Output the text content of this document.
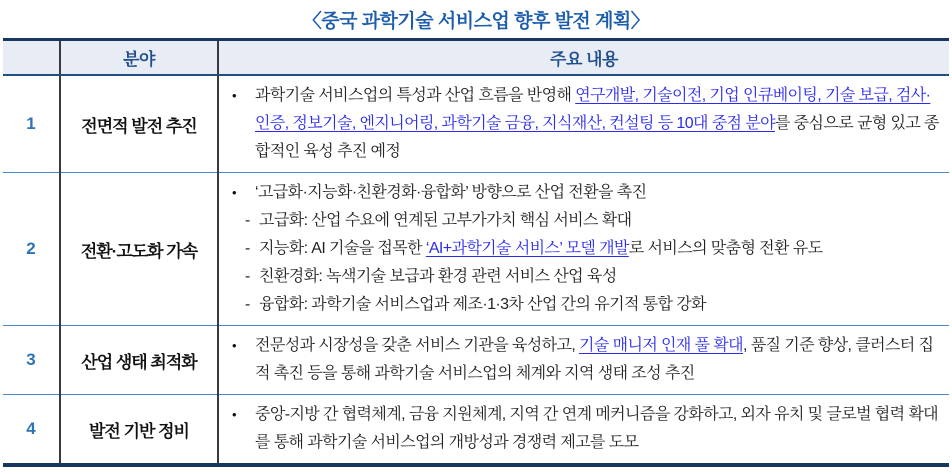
〈중국 과학기술 서비스업 향후 발전 계획〉
	분야	주요 내용
1	전면적 발전 추진	• 과학기술 서비스업의 특성과 산업 흐름을 반영해 연구개발, 기술이전, 기업 인큐베이팅, 기술 보급, 검사·인증, 정보기술, 엔지니어링, 과학기술 금융, 지식재산, 컨설팅 등 10대 중점 분야를 중심으로 균형 있고 종합적인 육성 추진 예정

2	전환·고도화 가속	
• ‘고급화·지능화·친환경화·융합화’ 방향으로 산업 전환을 촉진
- 고급화: 산업 수요에 연계된 고부가가치 핵심 서비스 확대
- 지능화: AI 기술을 접목한 ‘AI+과학기술 서비스’ 모델 개발로 서비스의 맞춤형 전환 유도
- 친환경화: 녹색기술 보급과 환경 관련 서비스 산업 육성
- 융합화: 과학기술 서비스업과 제조·1·3차 산업 간의 유기적 통합 강화

3	산업 생태 최적화	• 전문성과 시장성을 갖춘 서비스 기관을 육성하고, 기술 매니저 인재 풀 확대, 품질 기준 향상, 클러스터 집적 촉진 등을 통해 과학기술 서비스업의 체계와 지역 생태 조성 추진

4	발전 기반 정비	• 중앙-지방 간 협력체계, 금융 지원체계, 지역 간 연계 메커니즘을 강화하고, 외자 유치 및 글로벌 협력 확대를 통해 과학기술 서비스업의 개방성과 경쟁력 제고를 도모
